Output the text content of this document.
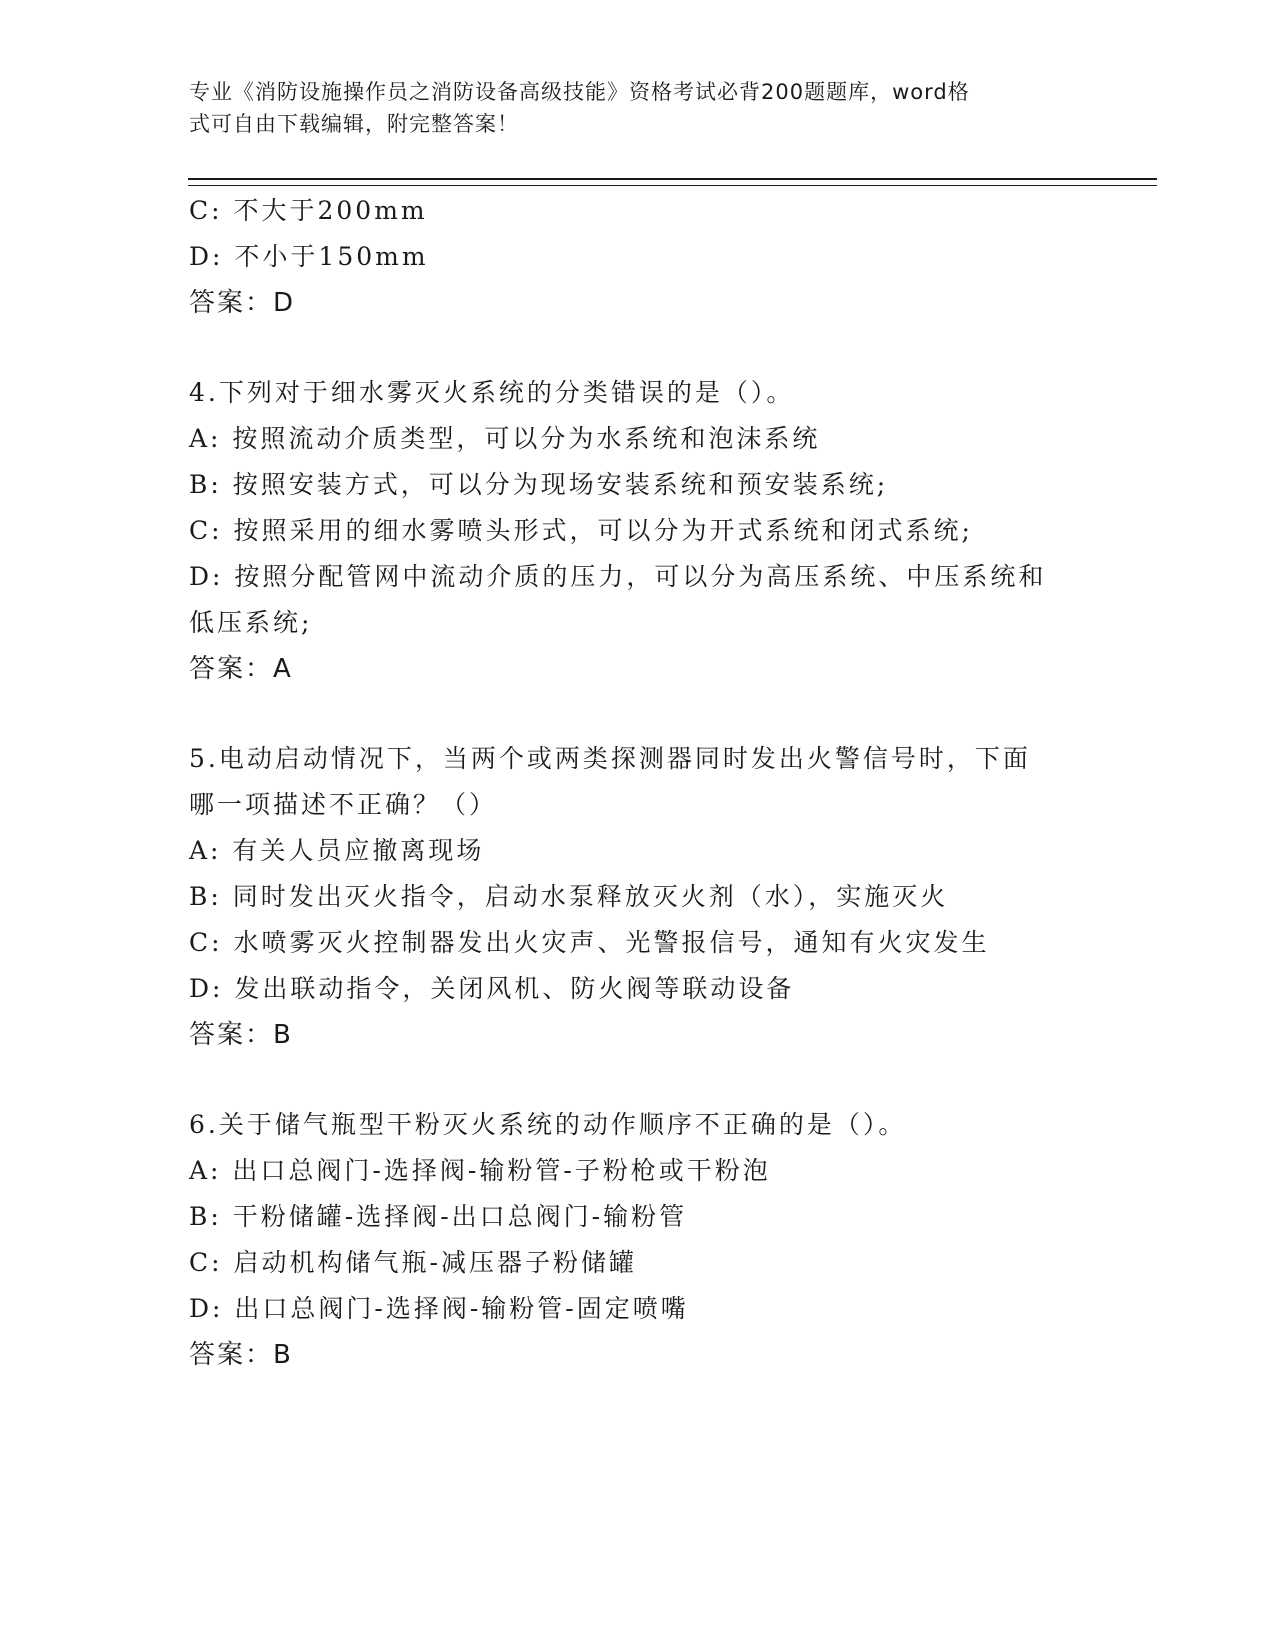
专业《消防设施操作员之消防设备高级技能》资格考试必背200题题库，word格
式可自由下载编辑，附完整答案！
C: 不大于200mm
D: 不小于150mm
答案：D
4.下列对于细水雾灭火系统的分类错误的是（）。
A: 按照流动介质类型，可以分为水系统和泡沫系统
B: 按照安装方式，可以分为现场安装系统和预安装系统;
C: 按照采用的细水雾喷头形式，可以分为开式系统和闭式系统;
D: 按照分配管网中流动介质的压力，可以分为高压系统、中压系统和
低压系统;
答案：A
5.电动启动情况下，当两个或两类探测器同时发出火警信号时，下面
哪一项描述不正确？（）
A: 有关人员应撤离现场
B: 同时发出灭火指令，启动水泵释放灭火剂（水），实施灭火
C: 水喷雾灭火控制器发出火灾声、光警报信号，通知有火灾发生
D: 发出联动指令，关闭风机、防火阀等联动设备
答案：B
6.关于储气瓶型干粉灭火系统的动作顺序不正确的是（）。
A: 出口总阀门-选择阀-输粉管-子粉枪或干粉泡
B: 干粉储罐-选择阀-出口总阀门-输粉管
C: 启动机构储气瓶-减压器子粉储罐
D: 出口总阀门-选择阀-输粉管-固定喷嘴
答案：B
